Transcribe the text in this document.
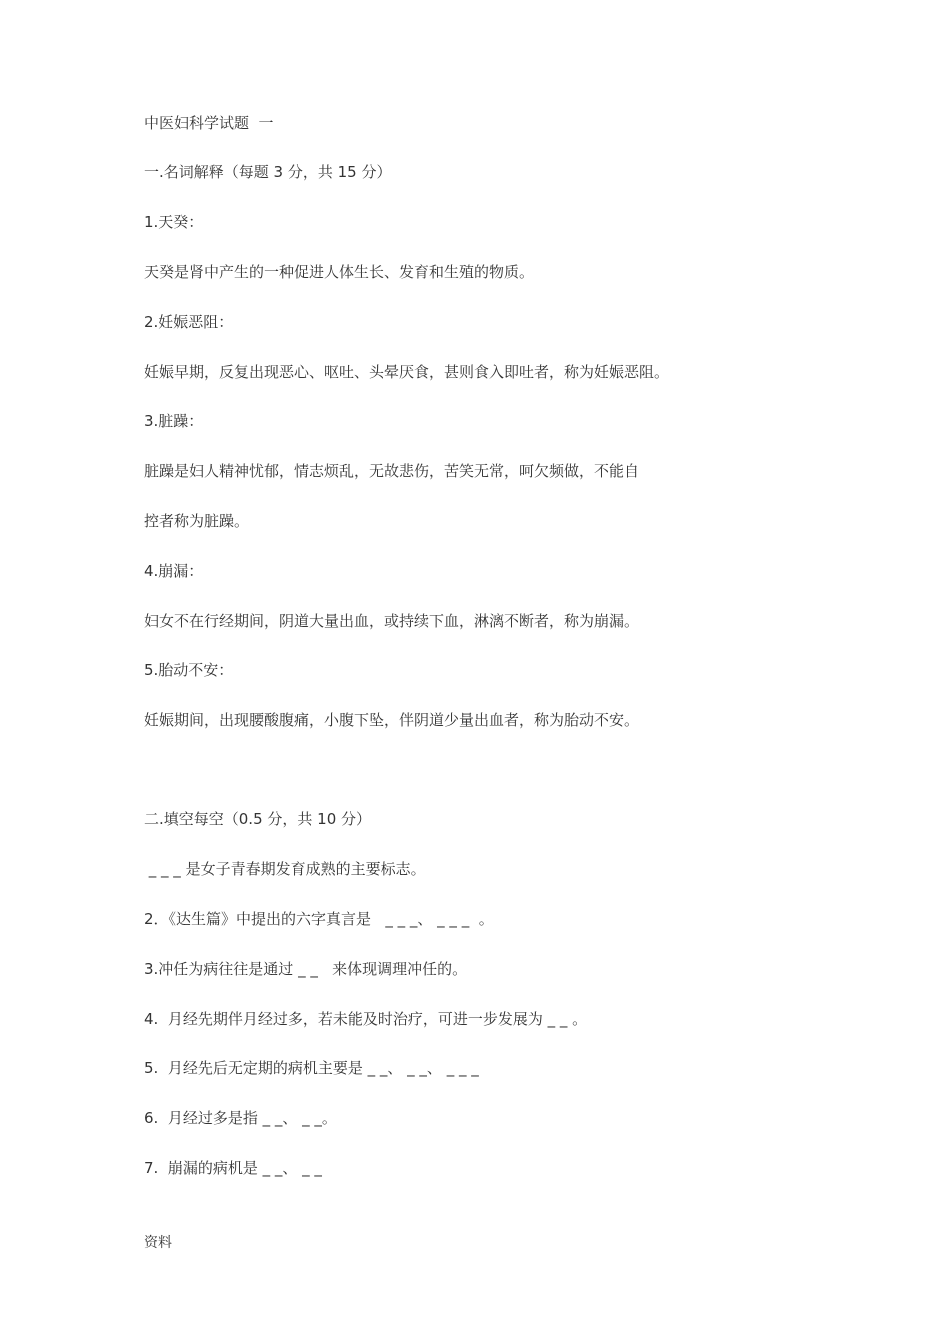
中医妇科学试题  一

一.名词解释（每题 3 分，共 15 分）

1.天癸：

天癸是肾中产生的一种促进人体生长、发育和生殖的物质。

2.妊娠恶阻：

妊娠早期，反复出现恶心、呕吐、头晕厌食，甚则食入即吐者，称为妊娠恶阻。

3.脏躁：

脏躁是妇人精神忧郁，情志烦乱，无故悲伤，苦笑无常，呵欠频做，不能自

控者称为脏躁。

4.崩漏：

妇女不在行经期间，阴道大量出血，或持续下血，淋漓不断者，称为崩漏。

5.胎动不安：

妊娠期间，出现腰酸腹痛，小腹下坠，伴阴道少量出血者，称为胎动不安。

二.填空每空（0.5 分，共 10 分）

_ _ _ 是女子青春期发育成熟的主要标志。

2．《达生篇》中提出的六字真言是   _ _ _、 _ _ _  。

3.冲任为病往往是通过 _ _   来体现调理冲任的。

4.  月经先期伴月经过多，若未能及时治疗，可进一步发展为 _ _ 。

5.  月经先后无定期的病机主要是 _ _、 _ _、 _ _ _

6.  月经过多是指 _ _、 _ _。

7.  崩漏的病机是 _ _、 _ _

资料
